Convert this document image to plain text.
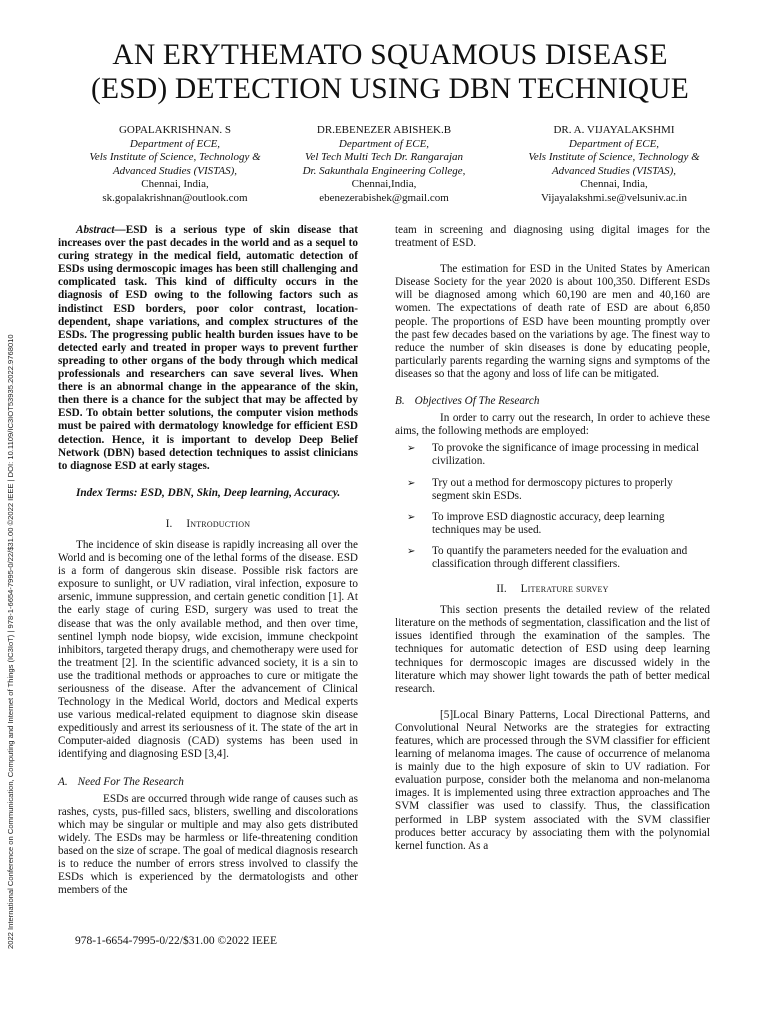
2022 International Conference on Communication, Computing and Internet of Things (IC3IoT) | 978-1-6654-7995-0/22/$31.00 ©2022 IEEE | DOI: 10.1109/IC3IOT53935.2022.9768010
AN ERYTHEMATO SQUAMOUS DISEASE
(ESD) DETECTION USING DBN TECHNIQUE
GOPALAKRISHNAN. S
Department of ECE,
Vels Institute of Science, Technology &
Advanced Studies (VISTAS),
Chennai, India,
sk.gopalakrishnan@outlook.com
DR.EBENEZER ABISHEK.B
Department of ECE,
Vel Tech Multi Tech Dr. Rangarajan
Dr. Sakunthala Engineering College,
Chennai,India,
ebenezerabishek@gmail.com
DR. A. VIJAYALAKSHMI
Department of ECE,
Vels Institute of Science, Technology &
Advanced Studies (VISTAS),
Chennai, India,
Vijayalakshmi.se@velsuniv.ac.in

Abstract—ESD is a serious type of skin disease that increases over the past decades in the world and as a sequel to curing strategy in the medical field, automatic detection of ESDs using dermoscopic images has been still challenging and complicated task. This kind of difficulty occurs in the diagnosis of ESD owing to the following factors such as indistinct ESD borders, poor color contrast, location-dependent, shape variations, and complex structures of the ESDs. The progressing public health burden issues have to be detected early and treated in proper ways to prevent further spreading to other organs of the body through which medical professionals and researchers can save several lives. When there is an abnormal change in the appearance of the skin, then there is a chance for the subject that may be affected by ESD. To obtain better solutions, the computer vision methods must be paired with dermatology knowledge for efficient ESD detection. Hence, it is important to develop Deep Belief Network (DBN) based detection techniques to assist clinicians to diagnose ESD at early stages.

Index Terms: ESD, DBN, Skin, Deep learning, Accuracy.

I. Introduction

The incidence of skin disease is rapidly increasing all over the World and is becoming one of the lethal forms of the disease. ESD is a form of dangerous skin disease. Possible risk factors are exposure to sunlight, or UV radiation, viral infection, exposure to arsenic, immune suppression, and certain genetic condition [1]. At the early stage of curing ESD, surgery was used to treat the disease that was the only available method, and then over time, sentinel lymph node biopsy, wide excision, immune checkpoint inhibitors, targeted therapy drugs, and chemotherapy were used for the treatment [2]. In the scientific advanced society, it is a sin to use the traditional methods or approaches to cure or mitigate the seriousness of the disease. After the advancement of Clinical Technology in the Medical World, doctors and Medical experts use various medical-related equipment to diagnose skin disease expeditiously and arrest its seriousness of it. The state of the art in Computer-aided diagnosis (CAD) systems has been used in identifying and diagnosing ESD [3,4].

A. Need For The Research

ESDs are occurred through wide range of causes such as rashes, cysts, pus-filled sacs, blisters, swelling and discolorations which may be singular or multiple and may also gets distributed widely. The ESDs may be harmless or life-threatening condition based on the size of scrape. The goal of medical diagnosis research is to reduce the number of errors stress involved to classify the ESDs which is experienced by the dermatologists and other members of the

team in screening and diagnosing using digital images for the treatment of ESD.

The estimation for ESD in the United States by American Disease Society for the year 2020 is about 100,350. Different ESDs will be diagnosed among which 60,190 are men and 40,160 are women. The expectations of death rate of ESD are about 6,850 people. The proportions of ESD have been mounting promptly over the past few decades based on the variations by age. The finest way to reduce the number of skin diseases is done by educating people, particularly parents regarding the warning signs and symptoms of the diseases so that the agony and loss of life can be mitigated.

B. Objectives Of The Research

In order to carry out the research, In order to achieve these aims, the following methods are employed:

➢ To provoke the significance of image processing in medical civilization.
➢ Try out a method for dermoscopy pictures to properly segment skin ESDs.
➢ To improve ESD diagnostic accuracy, deep learning techniques may be used.
➢ To quantify the parameters needed for the evaluation and classification through different classifiers.
II. Literature survey

This section presents the detailed review of the related literature on the methods of segmentation, classification and the list of issues identified through the examination of the samples. The techniques for automatic detection of ESD using deep learning techniques for dermoscopic images are discussed widely in the literature which may shower light towards the path of better medical research.

[5]Local Binary Patterns, Local Directional Patterns, and Convolutional Neural Networks are the strategies for extracting features, which are processed through the SVM classifier for efficient learning of melanoma images. The cause of occurrence of melanoma is mainly due to the high exposure of skin to UV radiation. For evaluation purpose, consider both the melanoma and non-melanoma images. It is implemented using three extraction approaches and The SVM classifier was used to classify. Thus, the classification performed in LBP system associated with the SVM classifier produces better accuracy by associating them with the polynomial kernel function. As a

978-1-6654-7995-0/22/$31.00 ©2022 IEEE
